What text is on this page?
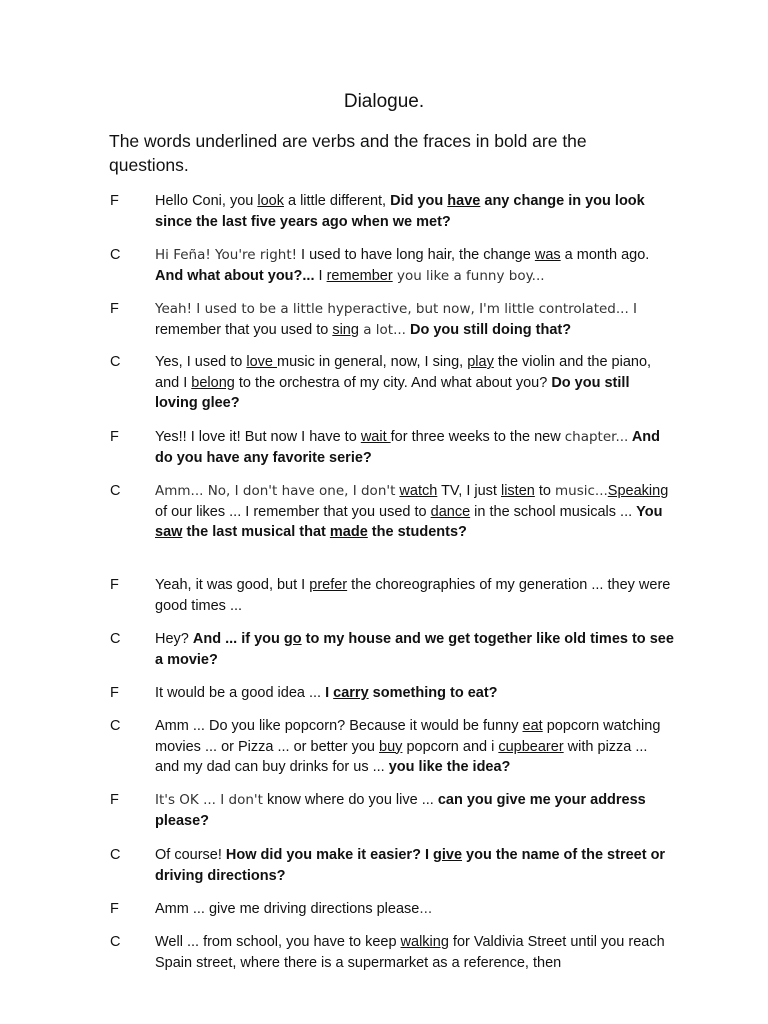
Dialogue.

The words underlined are verbs and the fraces in bold are the questions.

F Hello Coni, you look a little different, Did you have any change in you look since the last five years ago when we met?
C	Hi Feña! You're right! I used to have long hair, the change was a month ago. And what about you?... I remember you like a funny boy...
F	Yeah! I used to be a little hyperactive, but now, I'm little controlated... I remember that you used to sing a lot... Do you still doing that?
C Yes, I used to love music in general, now, I sing, play the violin and the piano, and I belong to the orchestra of my city. And what about you? Do you still loving glee?
F Yes!! I love it! But now I have to wait for three weeks to the new chapter... And do you have any favorite serie?
C	Amm... No, I don't have one, I don't watch TV, I just listen to music...Speaking of our likes ... I remember that you used to dance in the school musicals ... You saw the last musical that made the students?
F Yeah, it was good, but I prefer the choreographies of my generation ... they were good times ...
C Hey? And ... if you go to my house and we get together like old times to see a movie?
F It would be a good idea ... I carry something to eat?
C Amm ... Do you like popcorn? Because it would be funny eat popcorn watching movies ... or Pizza ... or better you buy popcorn and i cupbearer with pizza ... and my dad can buy drinks for us ... you like the idea?
F	It's OK ... I don't know where do you live ... can you give me your address please?
C Of course! How did you make it easier? I give you the name of the street or driving directions?
F Amm ... give me driving directions please...
C Well ... from school, you have to keep walking for Valdivia Street until you reach Spain street, where there is a supermarket as a reference, then
